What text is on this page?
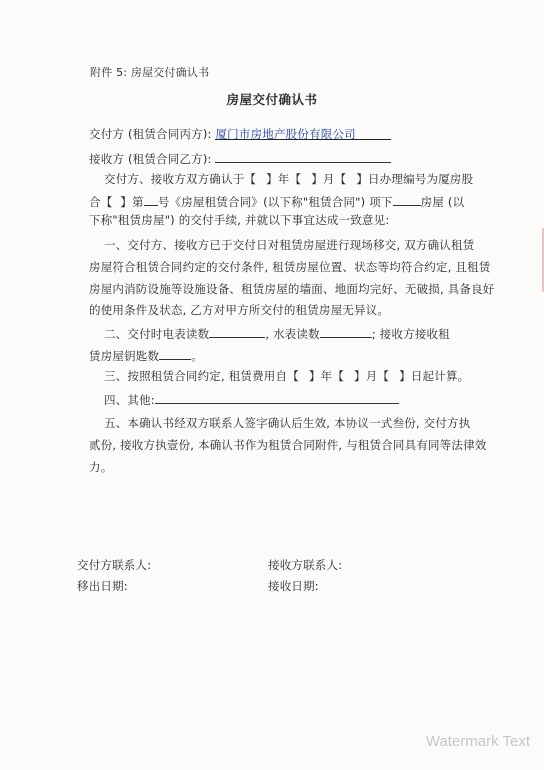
附件 5: 房屋交付确认书
房屋交付确认书
交付方 (租赁合同丙方): 厦门市房地产股份有限公司
接收方 (租赁合同乙方):
交付方、接收方双方确认于【 】年【 】月【 】日办理编号为厦房股
合【 】第 号《房屋租赁合同》(以下称"租赁合同") 项下 房屋 (以
下称"租赁房屋") 的交付手续, 并就以下事宜达成一致意见:
一、交付方、接收方已于交付日对租赁房屋进行现场移交, 双方确认租赁
房屋符合租赁合同约定的交付条件, 租赁房屋位置、状态等均符合约定, 且租赁
房屋内消防设施等设施设备、租赁房屋的墙面、地面均完好、无破损, 具备良好
的使用条件及状态, 乙方对甲方所交付的租赁房屋无异议。
二、交付时电表读数	, 水表读数	; 接收方接收租
赁房屋钥匙数	。
三、按照租赁合同约定, 租赁费用自【 】年【 】月【 】日起计算。
四、其他:
五、本确认书经双方联系人签字确认后生效, 本协议一式叁份, 交付方执
贰份, 接收方执壹份, 本确认书作为租赁合同附件, 与租赁合同具有同等法律效
力。
交付方联系人:	接收方联系人:
移出日期:	接收日期:
Watermark Text
